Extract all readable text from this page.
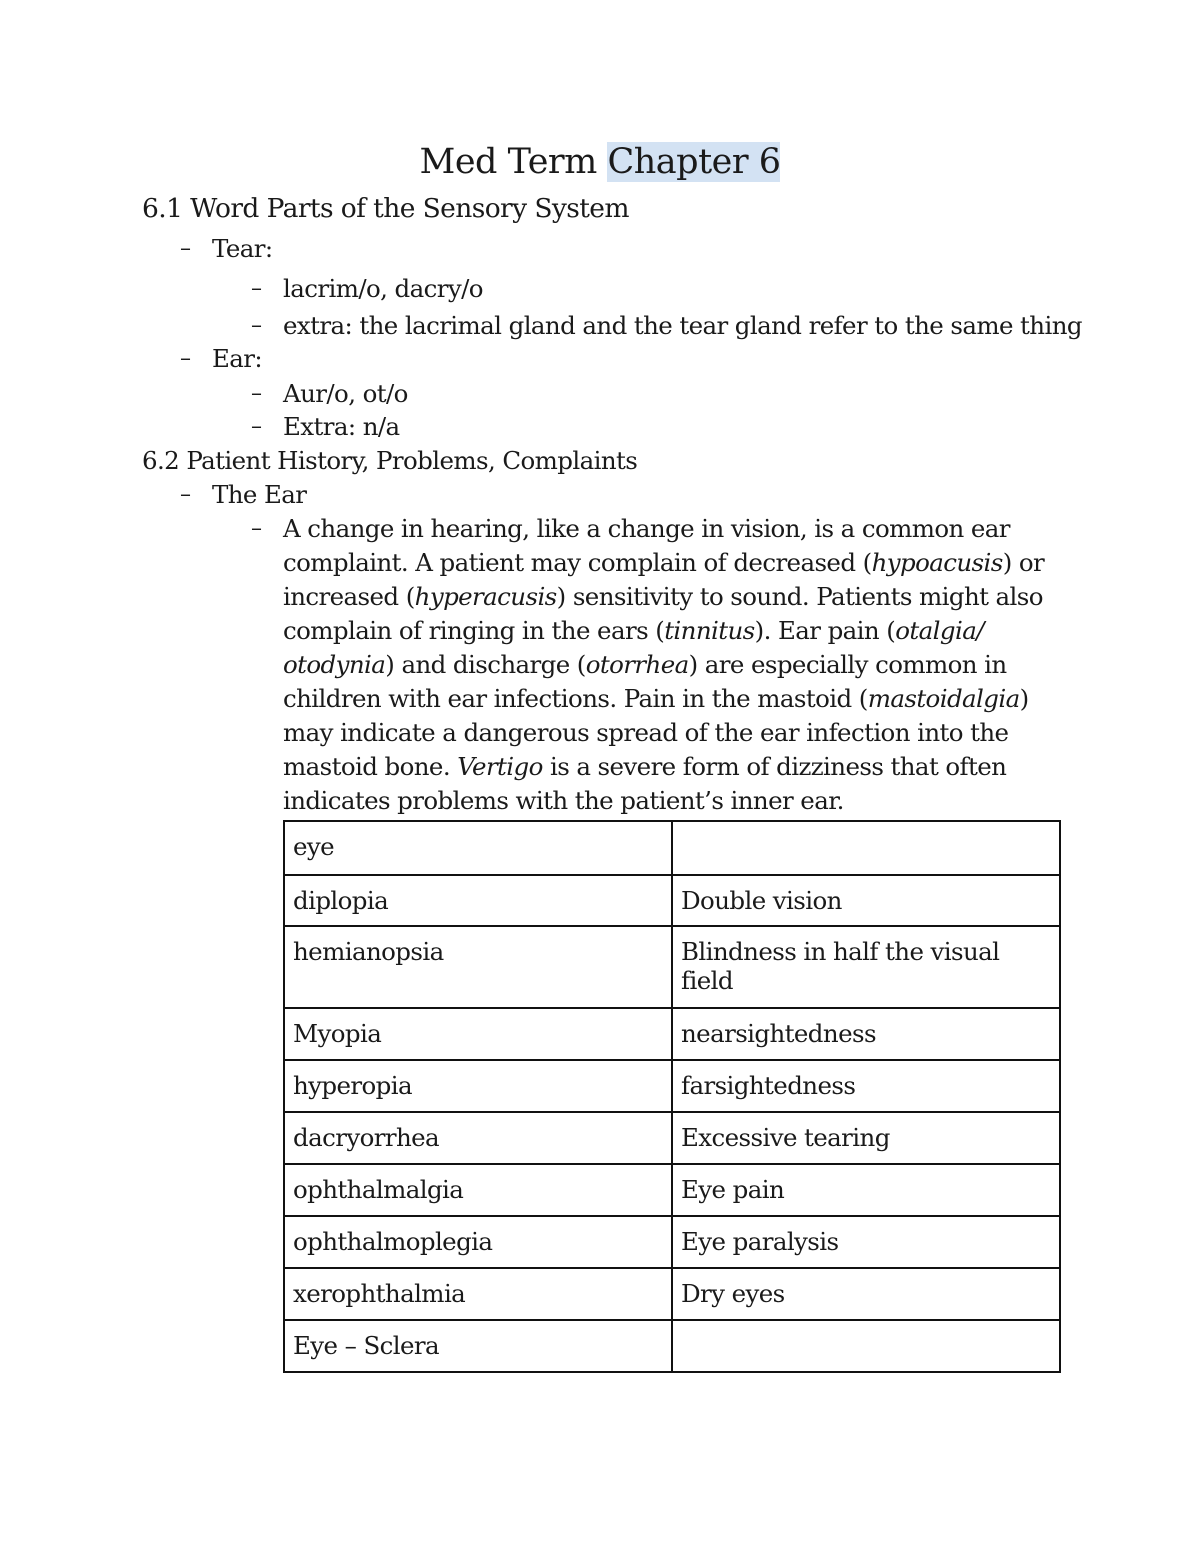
Med Term Chapter 6
6.1 Word Parts of the Sensory System
– Tear:
– lacrim/o, dacry/o
– extra: the lacrimal gland and the tear gland refer to the same thing
– Ear:
– Aur/o, ot/o
– Extra: n/a
6.2 Patient History, Problems, Complaints
– The Ear
– A change in hearing, like a change in vision, is a common ear complaint. A patient may complain of decreased (hypoacusis) or increased (hyperacusis) sensitivity to sound. Patients might also complain of ringing in the ears (tinnitus). Ear pain (otalgia/ otodynia) and discharge (otorrhea) are especially common in children with ear infections. Pain in the mastoid (mastoidalgia) may indicate a dangerous spread of the ear infection into the mastoid bone. Vertigo is a severe form of dizziness that often indicates problems with the patient’s inner ear.
eye	
diplopia	Double vision
hemianopsia	Blindness in half the visual field
Myopia	nearsightedness
hyperopia	farsightedness
dacryorrhea	Excessive tearing
ophthalmalgia	Eye pain
ophthalmoplegia	Eye paralysis
xerophthalmia	Dry eyes
Eye – Sclera	
